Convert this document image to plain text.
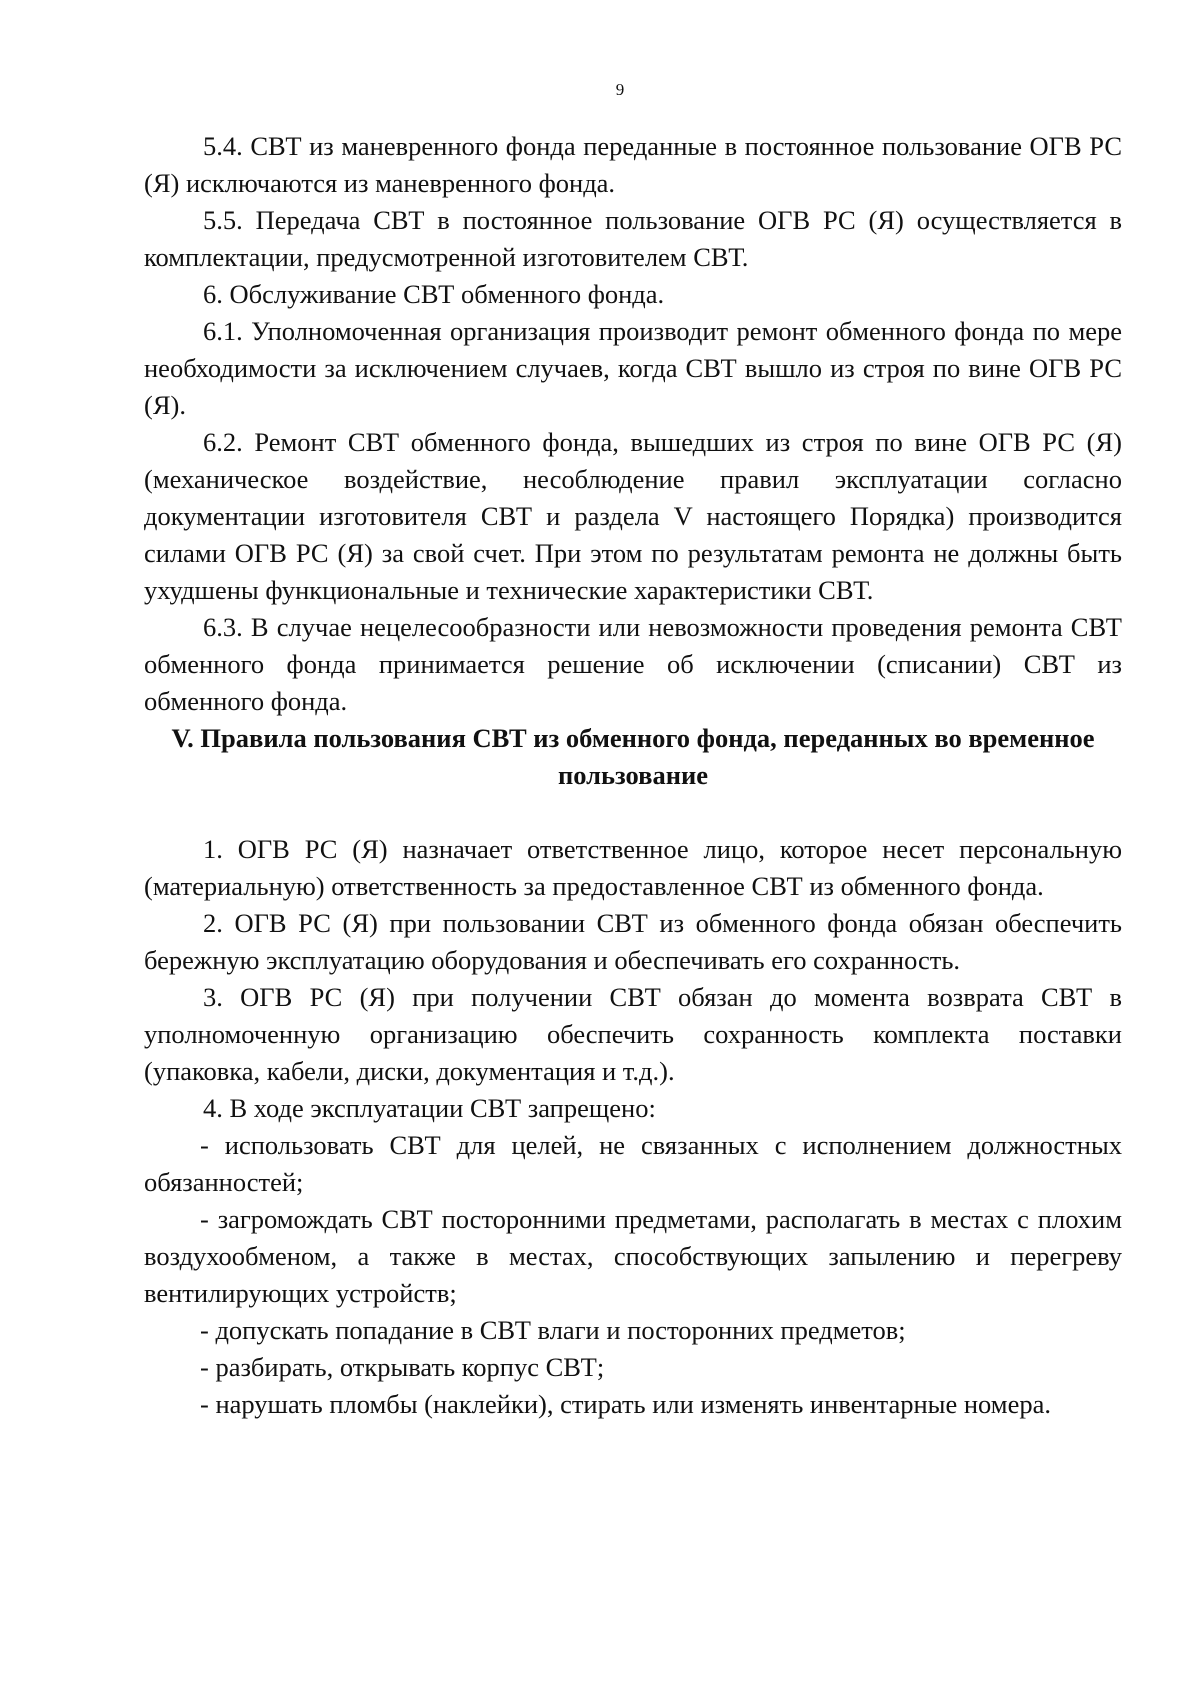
9

5.4. СВТ из маневренного фонда переданные в постоянное пользование ОГВ РС (Я) исключаются из маневренного фонда.

5.5. Передача СВТ в постоянное пользование ОГВ РС (Я) осуществляется в комплектации, предусмотренной изготовителем СВТ.

6. Обслуживание СВТ обменного фонда.

6.1. Уполномоченная организация производит ремонт обменного фонда по мере необходимости за исключением случаев, когда СВТ вышло из строя по вине ОГВ РС (Я).

6.2. Ремонт СВТ обменного фонда, вышедших из строя по вине ОГВ РС (Я) (механическое воздействие, несоблюдение правил эксплуатации согласно документации изготовителя СВТ и раздела V настоящего Порядка) производится силами ОГВ РС (Я) за свой счет. При этом по результатам ремонта не должны быть ухудшены функциональные и технические характеристики СВТ.

6.3. В случае нецелесообразности или невозможности проведения ремонта СВТ обменного фонда принимается решение об исключении (списании) СВТ из обменного фонда.

V. Правила пользования СВТ из обменного фонда, переданных во временное пользование

1. ОГВ РС (Я) назначает ответственное лицо, которое несет персональную (материальную) ответственность за предоставленное СВТ из обменного фонда.

2. ОГВ РС (Я) при пользовании СВТ из обменного фонда обязан обеспечить бережную эксплуатацию оборудования и обеспечивать его сохранность.

3. ОГВ РС (Я) при получении СВТ обязан до момента возврата СВТ в уполномоченную организацию обеспечить сохранность комплекта поставки (упаковка, кабели, диски, документация и т.д.).

4. В ходе эксплуатации СВТ запрещено:

- использовать СВТ для целей, не связанных с исполнением должностных обязанностей;

- загромождать СВТ посторонними предметами, располагать в местах с плохим воздухообменом, а также в местах, способствующих запылению и перегреву вентилирующих устройств;

- допускать попадание в СВТ влаги и посторонних предметов;

- разбирать, открывать корпус СВТ;

- нарушать пломбы (наклейки), стирать или изменять инвентарные номера.
